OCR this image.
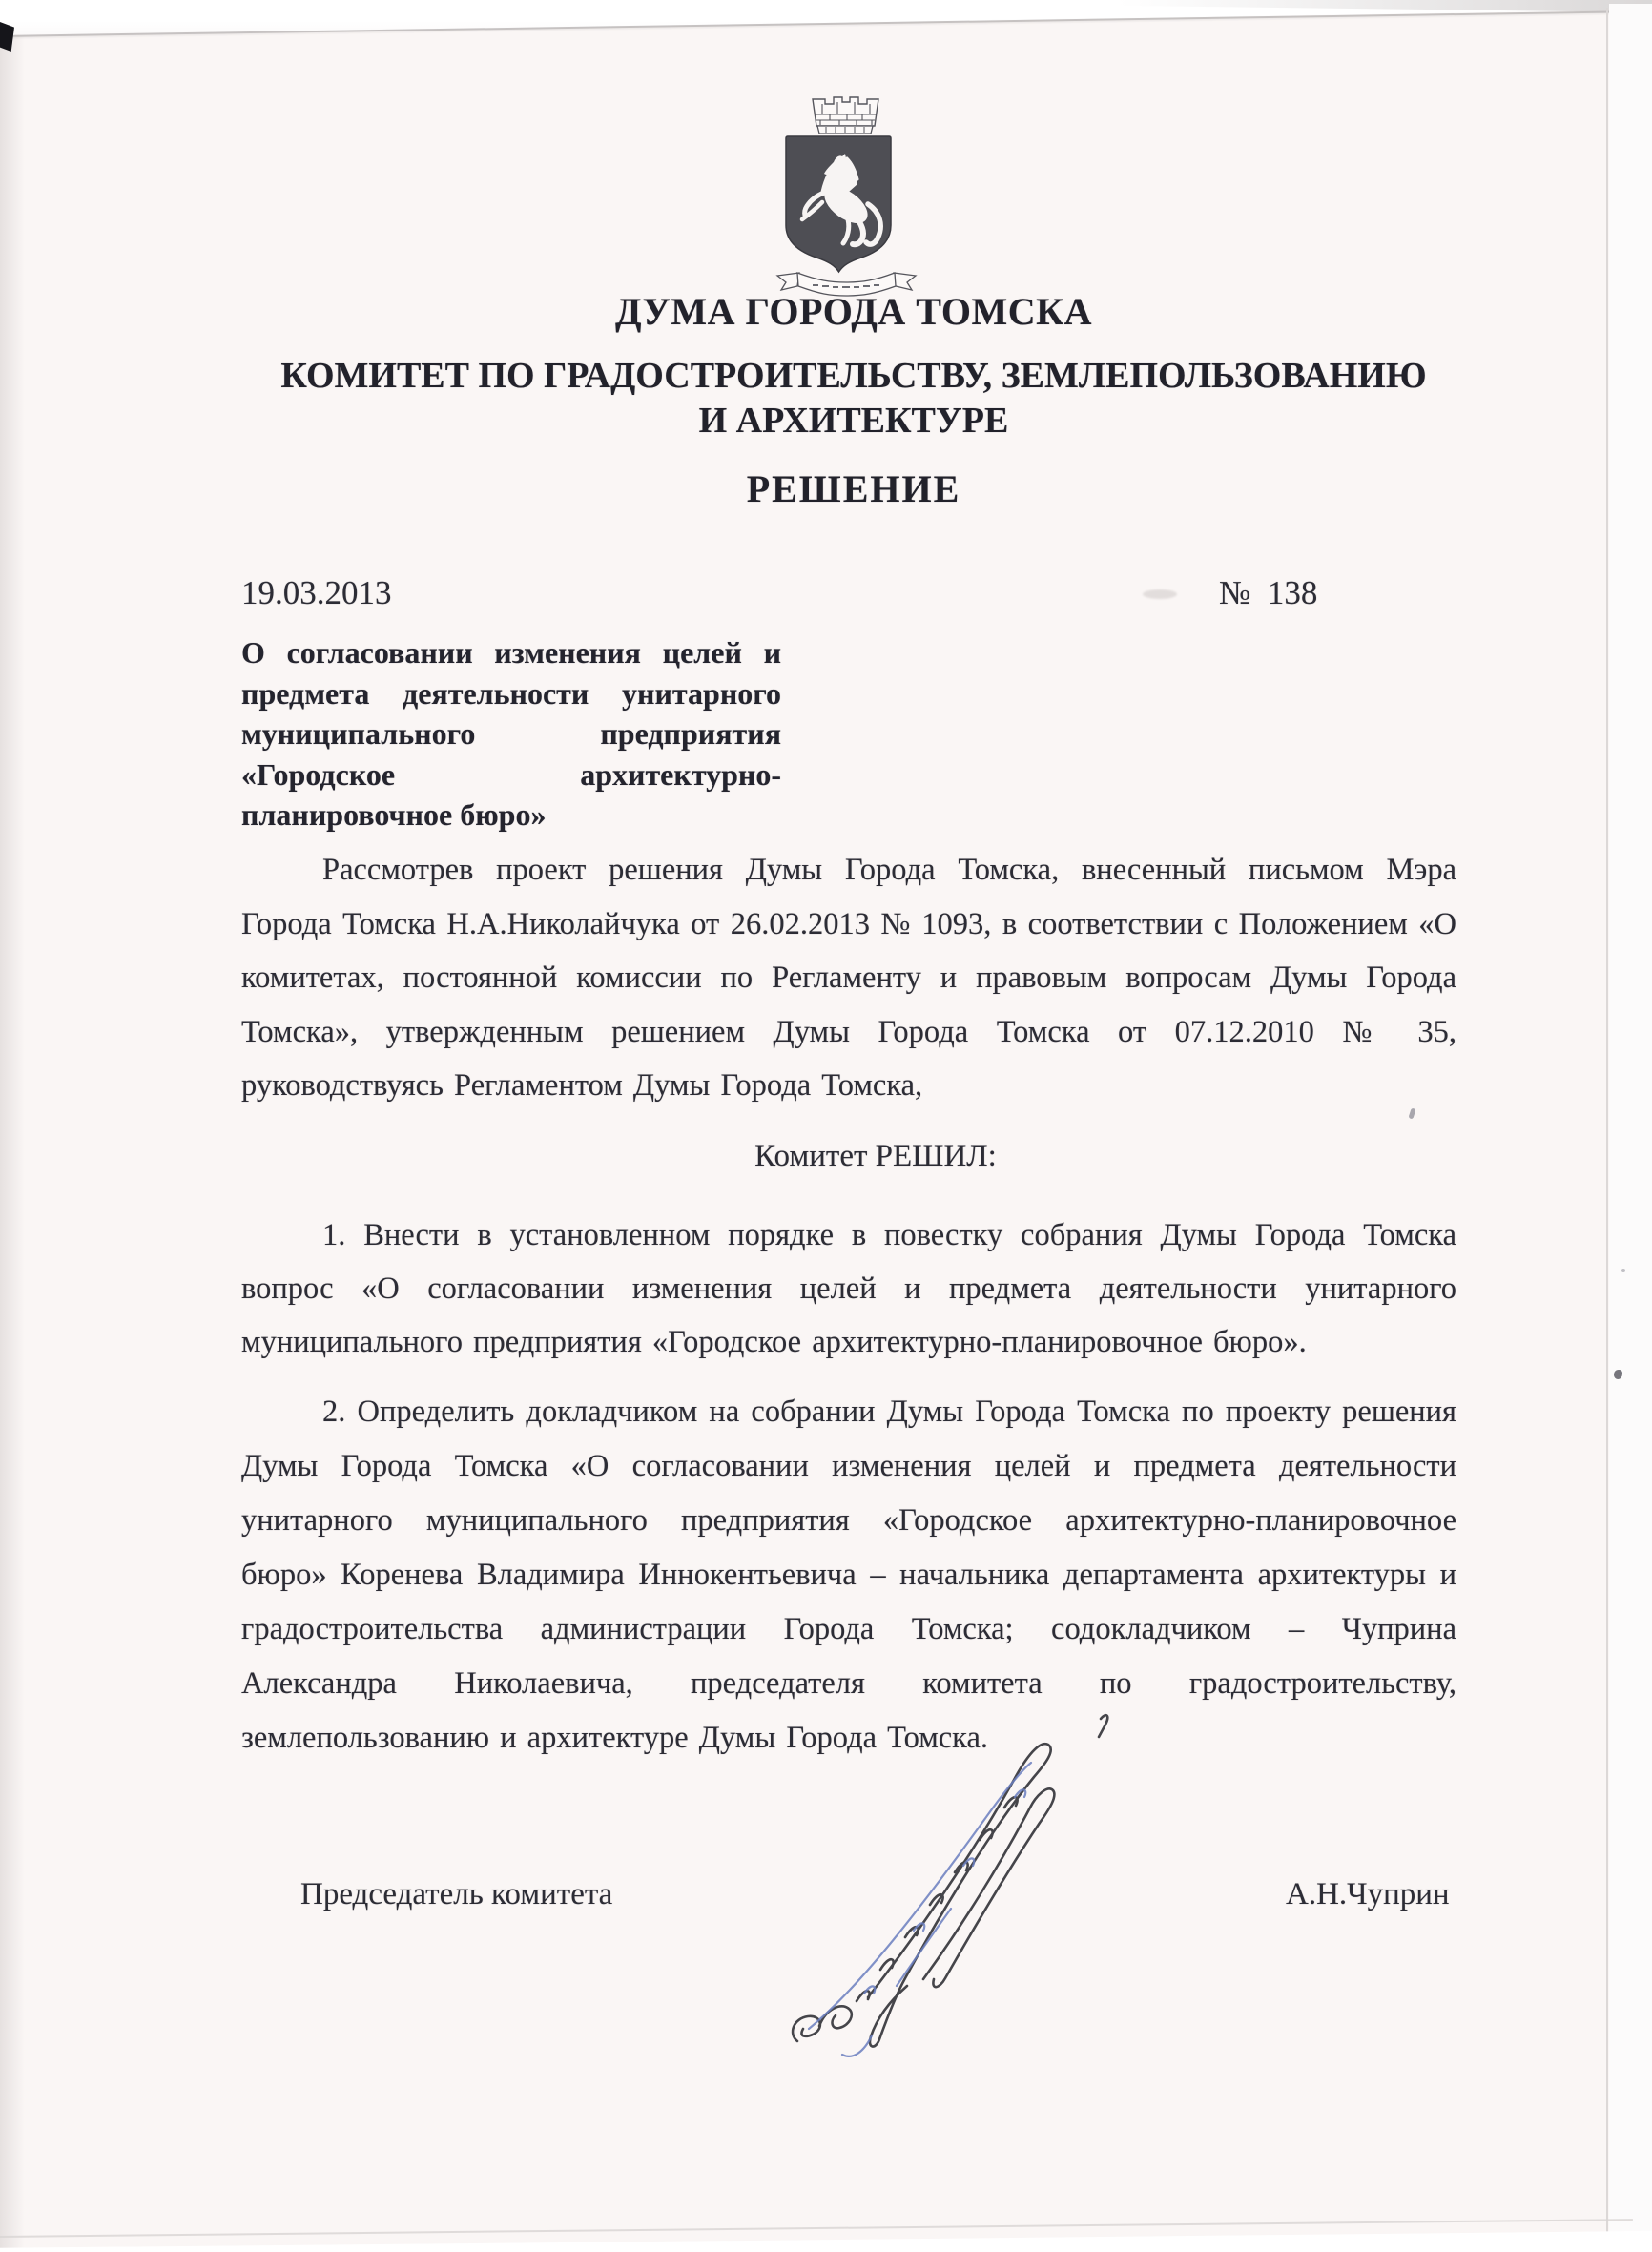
ДУМА ГОРОДА ТОМСКА
КОМИТЕТ ПО ГРАДОСТРОИТЕЛЬСТВУ, ЗЕМЛЕПОЛЬЗОВАНИЮ
И АРХИТЕКТУРЕ
РЕШЕНИЕ
19.03.2013	№  138
О согласовании изменения целей и
предмета деятельности унитарного
муниципального предприятия
«Городское архитектурно-
планировочное бюро»
Рассмотрев проект решения Думы Города Томска, внесенный письмом Мэра Города Томска Н.А.Николайчука от 26.02.2013 № 1093, в соответствии с Положением «О комитетах, постоянной комиссии по Регламенту и правовым вопросам Думы Города Томска», утвержденным решением Думы Города Томска от 07.12.2010 № 35, руководствуясь Регламентом Думы Города Томска,
Комитет РЕШИЛ:
1. Внести в установленном порядке в повестку собрания Думы Города Томска вопрос «О согласовании изменения целей и предмета деятельности унитарного муниципального предприятия «Городское архитектурно-планировочное бюро».
2. Определить докладчиком на собрании Думы Города Томска по проекту решения Думы Города Томска «О согласовании изменения целей и предмета деятельности унитарного муниципального предприятия «Городское архитектурно-планировочное бюро» Коренева Владимира Иннокентьевича – начальника департамента архитектуры и градостроительства администрации Города Томска; содокладчиком – Чуприна Александра Николаевича, председателя комитета по градостроительству, землепользованию и архитектуре Думы Города Томска.
Председатель комитета	А.Н.Чуприн
